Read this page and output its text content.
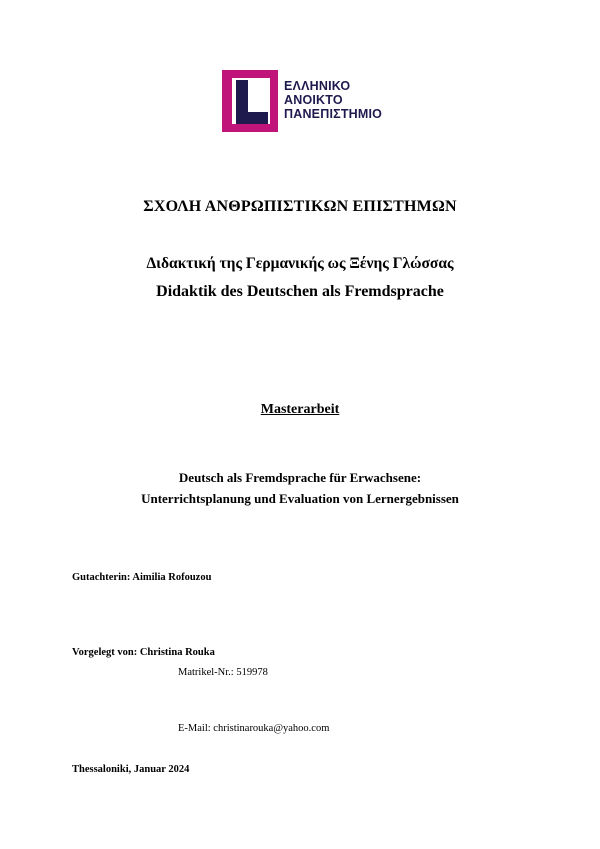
ΕΛΛΗΝΙΚΟ
ΑΝΟΙΚΤΟ
ΠΑΝΕΠΙΣΤΗΜΙΟ
ΣΧΟΛΗ ΑΝΘΡΩΠΙΣΤΙΚΩΝ ΕΠΙΣΤΗΜΩΝ
Διδακτική της Γερμανικής ως Ξένης Γλώσσας
Didaktik des Deutschen als Fremdsprache
Masterarbeit
Deutsch als Fremdsprache für Erwachsene:
Unterrichtsplanung und Evaluation von Lernergebnissen
Gutachterin: Aimilia Rofouzou
Vorgelegt von: Christina Rouka
Matrikel-Nr.: 519978
E-Mail: christinarouka@yahoo.com
Thessaloniki, Januar 2024
